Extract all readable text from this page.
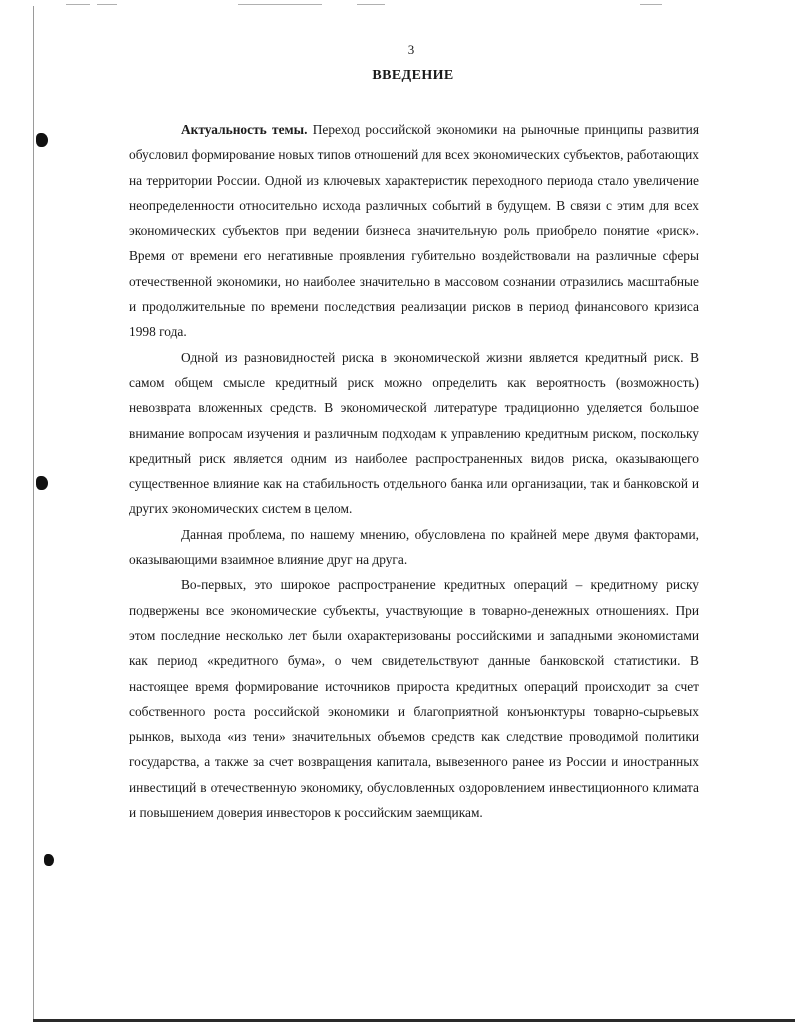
3
ВВЕДЕНИЕ

Актуальность темы. Переход российской экономики на рыночные принципы развития обусловил формирование новых типов отношений для всех экономических субъектов, работающих на территории России. Одной из ключевых характеристик переходного периода стало увеличение неопределенности относительно исхода различных событий в будущем. В связи с этим для всех экономических субъектов при ведении бизнеса значительную роль приобрело понятие «риск». Время от времени его негативные проявления губительно воздействовали на различные сферы отечественной экономики, но наиболее значительно в массовом сознании отразились масштабные и продолжительные по времени последствия реализации рисков в период финансового кризиса 1998 года.

Одной из разновидностей риска в экономической жизни является кредитный риск. В самом общем смысле кредитный риск можно определить как вероятность (возможность) невозврата вложенных средств. В экономической литературе традиционно уделяется большое внимание вопросам изучения и различным подходам к управлению кредитным риском, поскольку кредитный риск является одним из наиболее распространенных видов риска, оказывающего существенное влияние как на стабильность отдельного банка или организации, так и банковской и других экономических систем в целом.

Данная проблема, по нашему мнению, обусловлена по крайней мере двумя факторами, оказывающими взаимное влияние друг на друга.

Во-первых, это широкое распространение кредитных операций – кредитному риску подвержены все экономические субъекты, участвующие в товарно-денежных отношениях. При этом последние несколько лет были охарактеризованы российскими и западными экономистами как период «кредитного бума», о чем свидетельствуют данные банковской статистики. В настоящее время формирование источников прироста кредитных операций происходит за счет собственного роста российской экономики и благоприятной конъюнктуры товарно-сырьевых рынков, выхода «из тени» значительных объемов средств как следствие проводимой политики государства, а также за счет возвращения капитала, вывезенного ранее из России и иностранных инвестиций в отечественную экономику, обусловленных оздоровлением инвестиционного климата и повышением доверия инвесторов к российским заемщикам.
